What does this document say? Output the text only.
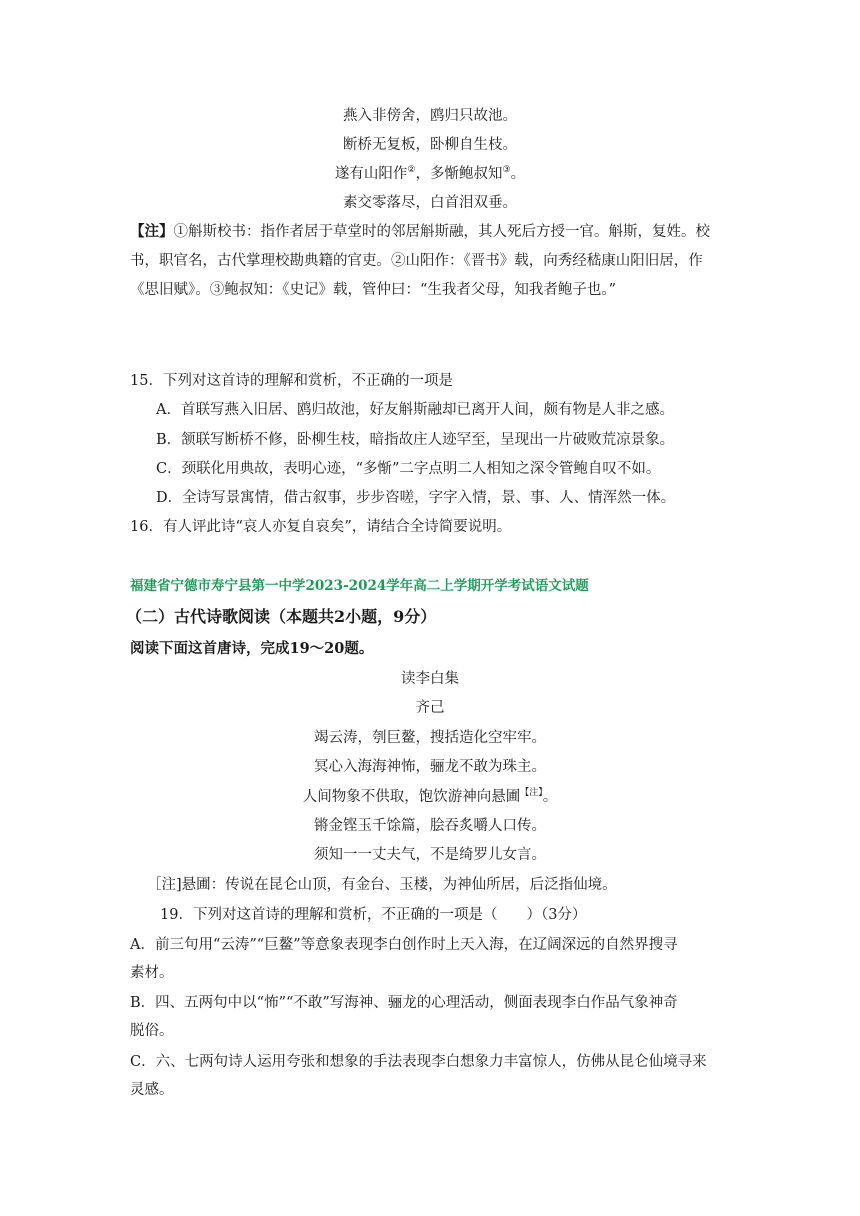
燕入非傍舍，鸥归只故池。
断桥无复板，卧柳自生枝。
遂有山阳作②，多惭鲍叔知③。
素交零落尽，白首泪双垂。
【注】①斛斯校书：指作者居于草堂时的邻居斛斯融，其人死后方授一官。斛斯，复姓。校
书，职官名，古代掌理校勘典籍的官吏。②山阳作：《晋书》载，向秀经嵇康山阳旧居，作
《思旧赋》。③鲍叔知：《史记》载，管仲曰：“生我者父母，知我者鲍子也。”
15．下列对这首诗的理解和赏析，不正确的一项是
A．首联写燕入旧居、鸥归故池，好友斛斯融却已离开人间，颇有物是人非之感。
B．颔联写断桥不修，卧柳生枝，暗指故庄人迹罕至，呈现出一片破败荒凉景象。
C．颈联化用典故，表明心迹，“多惭”二字点明二人相知之深令管鲍自叹不如。
D．全诗写景寓情，借古叙事，步步咨嗟，字字入情，景、事、人、情浑然一体。
16．有人评此诗“哀人亦复自哀矣”，请结合全诗简要说明。
福建省宁德市寿宁县第一中学2023-2024学年高二上学期开学考试语文试题
（二）古代诗歌阅读（本题共2小题，9分）
阅读下面这首唐诗，完成19～20题。
读李白集
齐己
竭云涛，刳巨鳌，搜括造化空牢牢。
冥心入海海神怖，骊龙不敢为珠主。
人间物象不供取，饱饮游神向悬圃$^{【注】}$。
锵金铿玉千馀篇，脍吞炙嚼人口传。
须知一一丈夫气，不是绮罗儿女言。
［注]悬圃：传说在昆仑山顶，有金台、玉楼，为神仙所居，后泛指仙境。
19．下列对这首诗的理解和赏析，不正确的一项是（　　）（3分）
A．前三句用“云涛”“巨鳌”等意象表现李白创作时上天入海，在辽阔深远的自然界搜寻
素材。
B．四、五两句中以“怖”“不敢”写海神、骊龙的心理活动，侧面表现李白作品气象神奇
脱俗。
C．六、七两句诗人运用夸张和想象的手法表现李白想象力丰富惊人，仿佛从昆仑仙境寻来
灵感。
